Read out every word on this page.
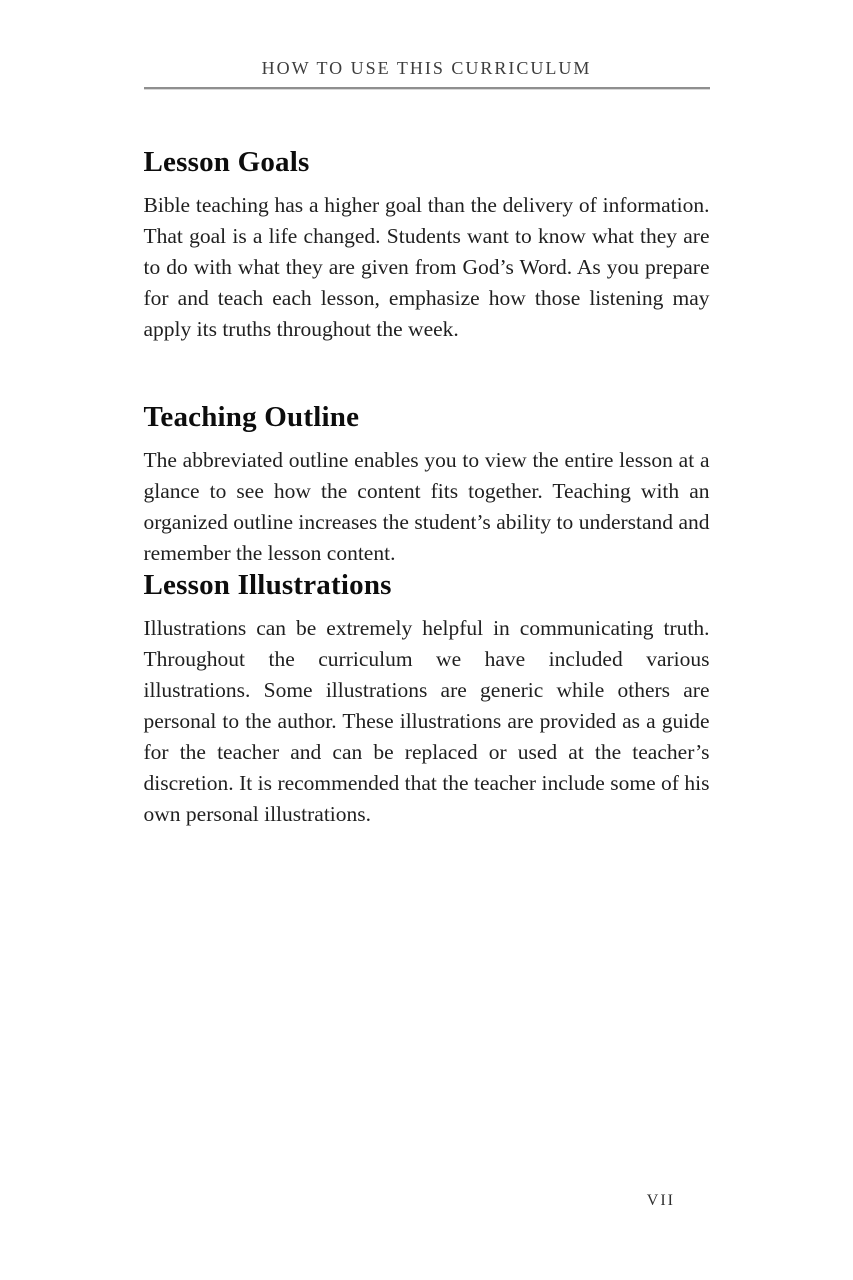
HOW TO USE THIS CURRICULUM
Lesson Goals

Bible teaching has a higher goal than the delivery of information. That goal is a life changed. Students want to know what they are to do with what they are given from God’s Word. As you prepare for and teach each lesson, emphasize how those listening may apply its truths throughout the week.

Teaching Outline

The abbreviated outline enables you to view the entire lesson at a glance to see how the content fits together. Teaching with an organized outline increases the student’s ability to understand and remember the lesson content.

Lesson Illustrations

Illustrations can be extremely helpful in communicating truth. Throughout the curriculum we have included various illustrations. Some illustrations are generic while others are personal to the author. These illustrations are provided as a guide for the teacher and can be replaced or used at the teacher’s discretion. It is recommended that the teacher include some of his own personal illustrations.

VII
